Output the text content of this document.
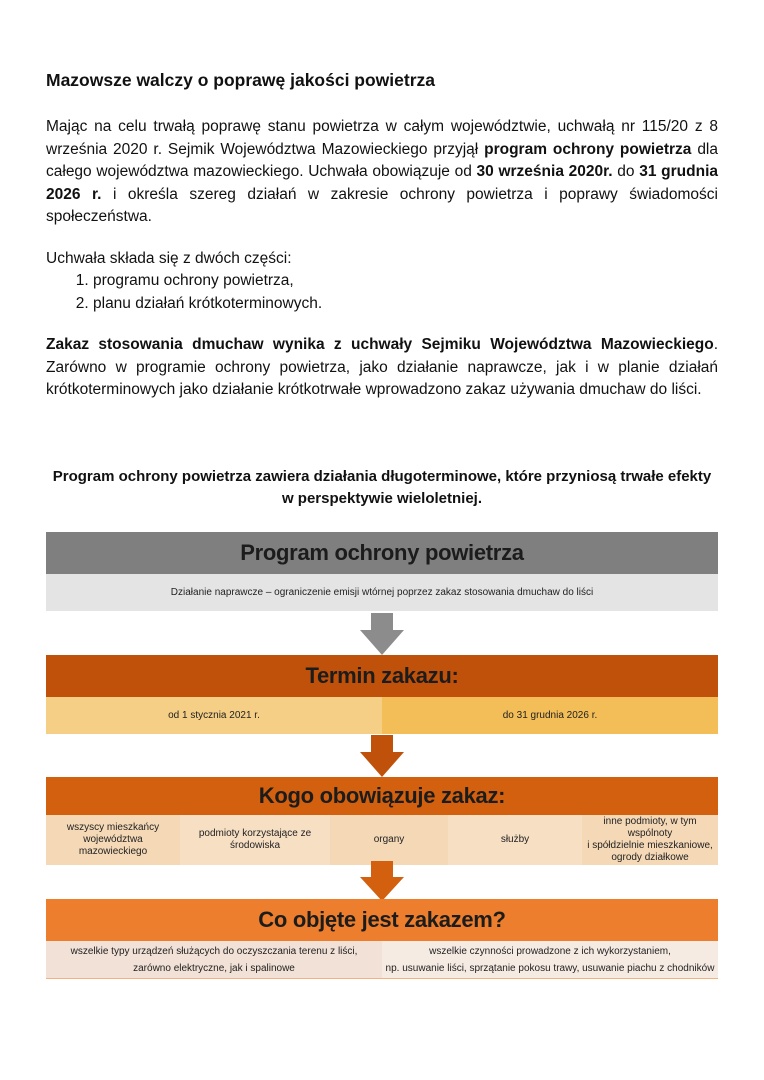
Mazowsze walczy o poprawę jakości powietrza

Mając na celu trwałą poprawę stanu powietrza w całym województwie, uchwałą nr 115/20 z 8 września 2020 r. Sejmik Województwa Mazowieckiego przyjął program ochrony powietrza dla całego województwa mazowieckiego. Uchwała obowiązuje od 30 września 2020r. do 31 grudnia 2026 r. i określa szereg działań w zakresie ochrony powietrza i poprawy świadomości społeczeństwa.

Uchwała składa się z dwóch części:

1. programu ochrony powietrza,
2. planu działań krótkoterminowych.

Zakaz stosowania dmuchaw wynika z uchwały Sejmiku Województwa Mazowieckiego. Zarówno w programie ochrony powietrza, jako działanie naprawcze, jak i w planie działań krótkoterminowych jako działanie krótkotrwałe wprowadzono zakaz używania dmuchaw do liści.

Program ochrony powietrza zawiera działania długoterminowe, które przyniosą trwałe efekty w perspektywie wieloletniej.

Program ochrony powietrza
Działanie naprawcze – ograniczenie emisji wtórnej poprzez zakaz stosowania dmuchaw do liści
Termin zakazu:
od 1 stycznia 2021 r.	do 31 grudnia 2026 r.
Kogo obowiązuje zakaz:
wszyscy mieszkańcy
województwa
mazowieckiego
podmioty korzystające ze
środowiska
organy	służby
inne podmioty, w tym
wspólnoty
i spółdzielnie mieszkaniowe,
ogrody działkowe
Co objęte jest zakazem?
wszelkie typy urządzeń służących do oczyszczania terenu z liści,
zarówno elektryczne, jak i spalinowe
wszelkie czynności prowadzone z ich wykorzystaniem,
np. usuwanie liści, sprzątanie pokosu trawy, usuwanie piachu z chodników
